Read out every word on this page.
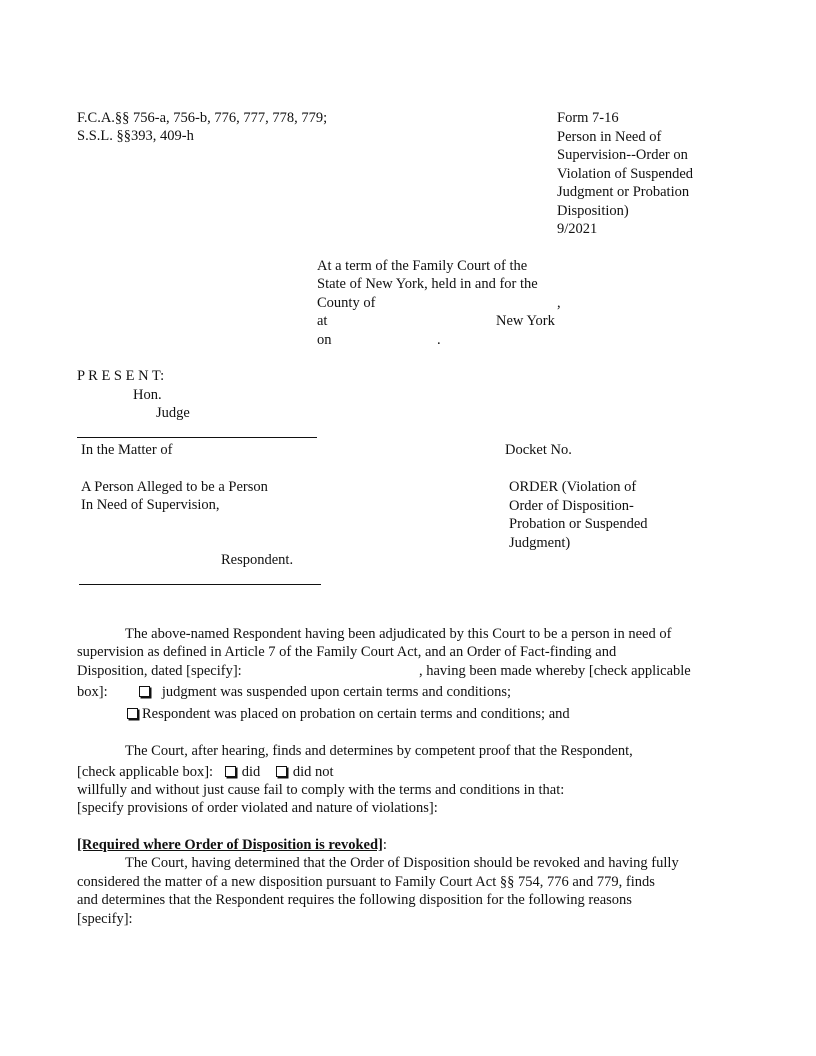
F.C.A.§§ 756-a, 756-b, 776, 777, 778, 779;
S.S.L. §§393, 409-h
Form 7-16
Person in Need of
Supervision--Order on
Violation of Suspended
Judgment or Probation
Disposition)
9/2021
At a term of the Family Court of the
State of New York, held in and for the
County of	,
at	New York
on	.
P R E S E N T:
Hon.
Judge
In the Matter of	Docket No.
A Person Alleged to be a Person
In Need of Supervision,
ORDER (Violation of
Order of Disposition-
Probation or Suspended
Judgment)
Respondent.
The above-named Respondent having been adjudicated by this Court to be a person in need of
supervision as defined in Article 7 of the Family Court Act, and an Order of Fact-finding and
Disposition, dated [specify]:	, having been made whereby [check applicable
box]:	judgment was suspended upon certain terms and conditions;
Respondent was placed on probation on certain terms and conditions; and
The Court, after hearing, finds and determines by competent proof that the Respondent,
[check applicable box]: did did not
willfully and without just cause fail to comply with the terms and conditions in that:
[specify provisions of order violated and nature of violations]:
[Required where Order of Disposition is revoked]:
The Court, having determined that the Order of Disposition should be revoked and having fully
considered the matter of a new disposition pursuant to Family Court Act §§ 754, 776 and 779, finds
and determines that the Respondent requires the following disposition for the following reasons
[specify]:
